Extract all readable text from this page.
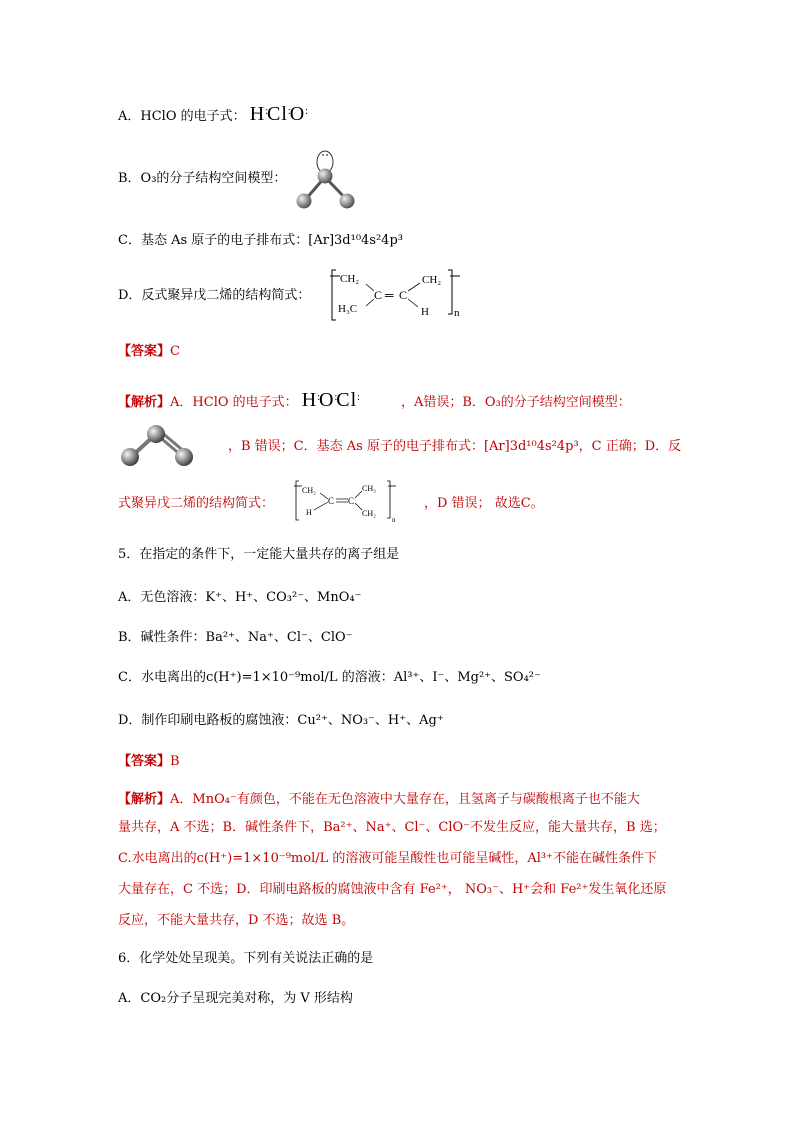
A．HClO 的电子式： H:Cl:O:
B．O₃的分子结构空间模型：
C．基态 As 原子的电子排布式：[Ar]3d¹⁰4s²4p³
D．反式聚异戊二烯的结构简式：
CH₂
H₃C
C ═ C
CH₂
H n
【答案】C
【解析】A．HClO 的电子式： H:O:Cl:	，A错误；B．O₃的分子结构空间模型：
，B 错误；C．基态 As 原子的电子排布式：[Ar]3d¹⁰4s²4p³，C 正确；D．反
式聚异戊二烯的结构简式：
CH₂
H
C C
CH₃
CH₂
n
，D 错误； 故选C。
5．在指定的条件下，一定能大量共存的离子组是
A．无色溶液：K⁺、H⁺、CO₃²⁻、MnO₄⁻
B．碱性条件：Ba²⁺、Na⁺、Cl⁻、ClO⁻
C．水电离出的c(H⁺)=1×10⁻⁹mol/L 的溶液：Al³⁺、I⁻、Mg²⁺、SO₄²⁻
D．制作印刷电路板的腐蚀液：Cu²⁺、NO₃⁻、H⁺、Ag⁺
【答案】B
【解析】A．MnO₄⁻有颜色，不能在无色溶液中大量存在，且氢离子与碳酸根离子也不能大
量共存，A 不选；B．碱性条件下，Ba²⁺、Na⁺、Cl⁻、ClO⁻不发生反应，能大量共存，B 选；
C.水电离出的c(H⁺)=1×10⁻⁹mol/L 的溶液可能呈酸性也可能呈碱性，Al³⁺不能在碱性条件下
大量存在，C 不选；D．印刷电路板的腐蚀液中含有 Fe²⁺， NO₃⁻、H⁺会和 Fe²⁺发生氧化还原
反应，不能大量共存，D 不选；故选 B。
6．化学处处呈现美。下列有关说法正确的是
A．CO₂分子呈现完美对称，为 V 形结构
